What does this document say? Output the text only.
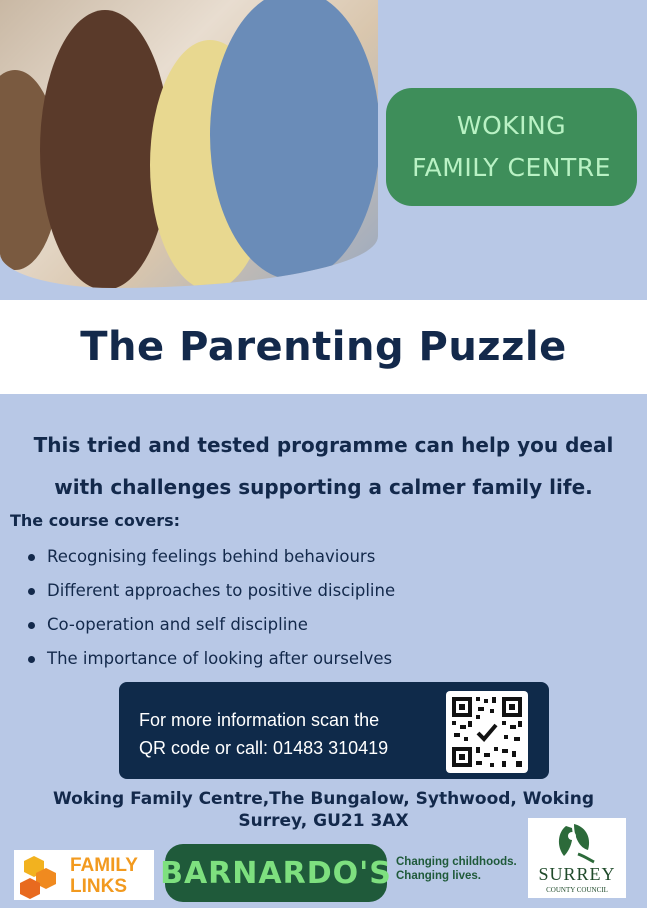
WOKING
FAMILY CENTRE
The Parenting Puzzle
This tried and tested programme can help you deal
with challenges supporting a calmer family life.
The course covers:
Recognising feelings behind behaviours
Different approaches to positive discipline
Co-operation and self discipline
The importance of looking after ourselves
For more information scan the
QR code or call: 01483 310419
Woking Family Centre,The Bungalow, Sythwood, Woking
Surrey, GU21 3AX
FAMILY
LINKS	BARNARDO'S Changing childhoods.
Changing lives.	SURREY
COUNTY COUNCIL
